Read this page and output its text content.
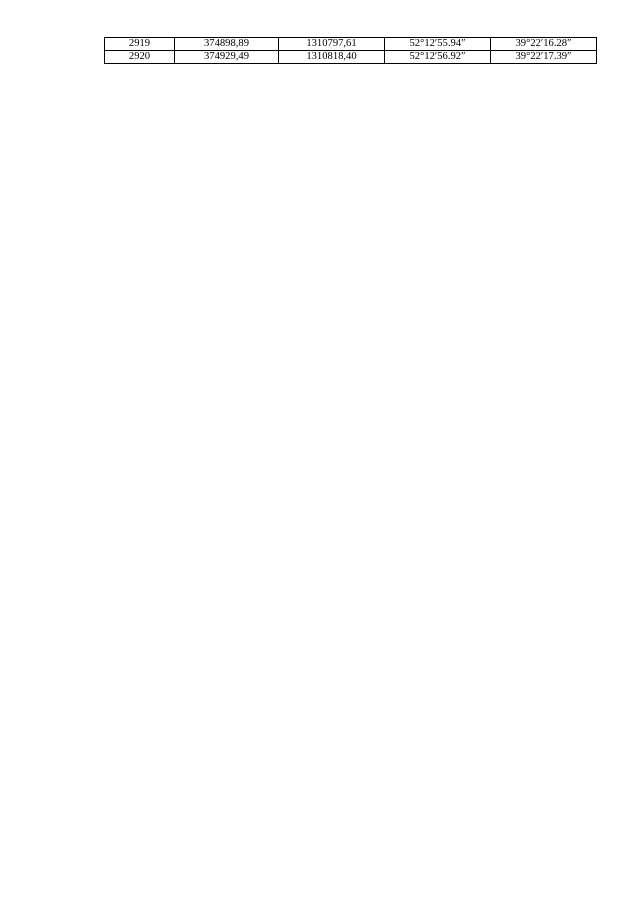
2919	374898,89	1310797,61	52°12′55.94″	39°22′16.28″
2920	374929,49	1310818,40	52°12′56.92″	39°22′17.39″
